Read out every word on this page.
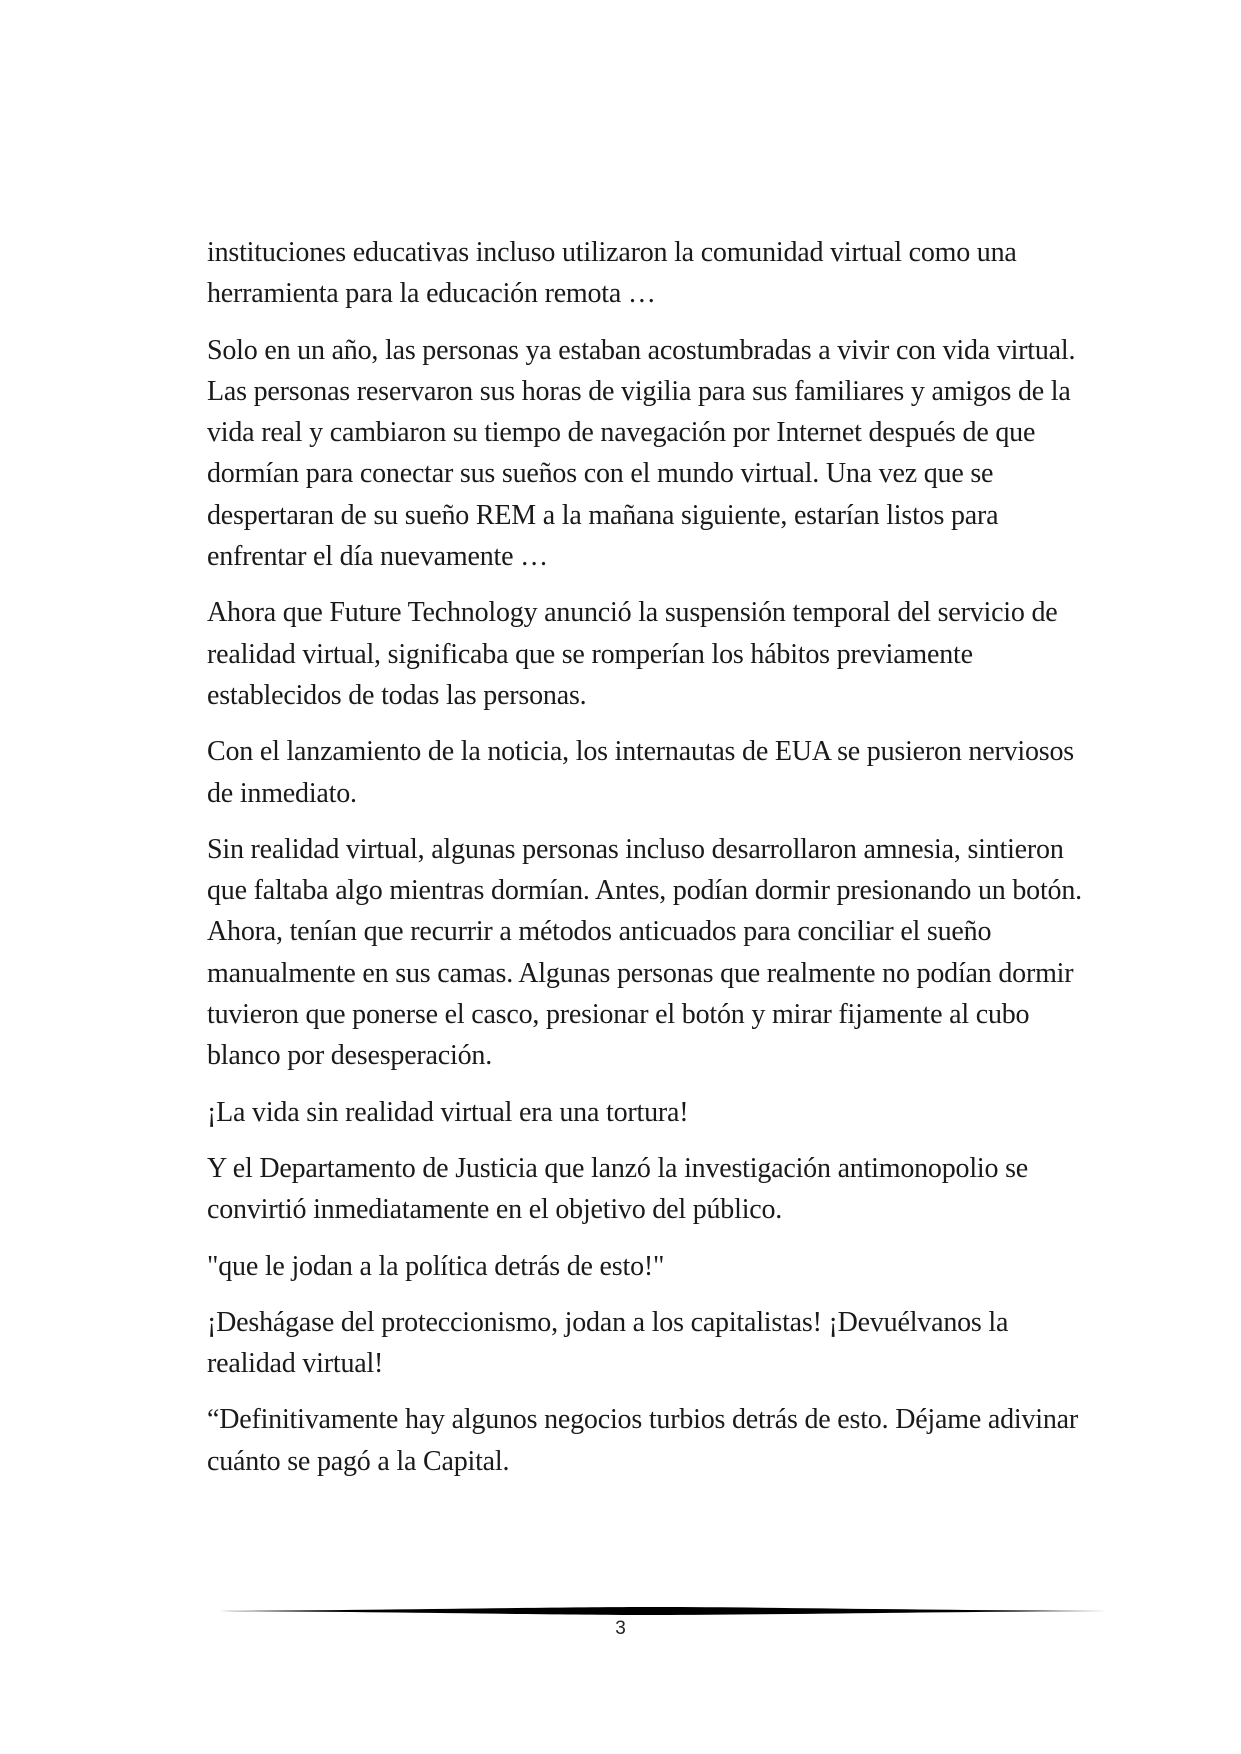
instituciones educativas incluso utilizaron la comunidad virtual como una herramienta para la educación remota …

Solo en un año, las personas ya estaban acostumbradas a vivir con vida virtual. Las personas reservaron sus horas de vigilia para sus familiares y amigos de la vida real y cambiaron su tiempo de navegación por Internet después de que dormían para conectar sus sueños con el mundo virtual. Una vez que se despertaran de su sueño REM a la mañana siguiente, estarían listos para enfrentar el día nuevamente …

Ahora que Future Technology anunció la suspensión temporal del servicio de realidad virtual, significaba que se romperían los hábitos previamente establecidos de todas las personas.

Con el lanzamiento de la noticia, los internautas de EUA se pusieron nerviosos de inmediato.

Sin realidad virtual, algunas personas incluso desarrollaron amnesia, sintieron que faltaba algo mientras dormían. Antes, podían dormir presionando un botón. Ahora, tenían que recurrir a métodos anticuados para conciliar el sueño manualmente en sus camas. Algunas personas que realmente no podían dormir tuvieron que ponerse el casco, presionar el botón y mirar fijamente al cubo blanco por desesperación.

¡La vida sin realidad virtual era una tortura!

Y el Departamento de Justicia que lanzó la investigación antimonopolio se convirtió inmediatamente en el objetivo del público.

"que le jodan a la política detrás de esto!"

¡Deshágase del proteccionismo, jodan a los capitalistas! ¡Devuélvanos la realidad virtual!

“Definitivamente hay algunos negocios turbios detrás de esto. Déjame adivinar cuánto se pagó a la Capital.

3
